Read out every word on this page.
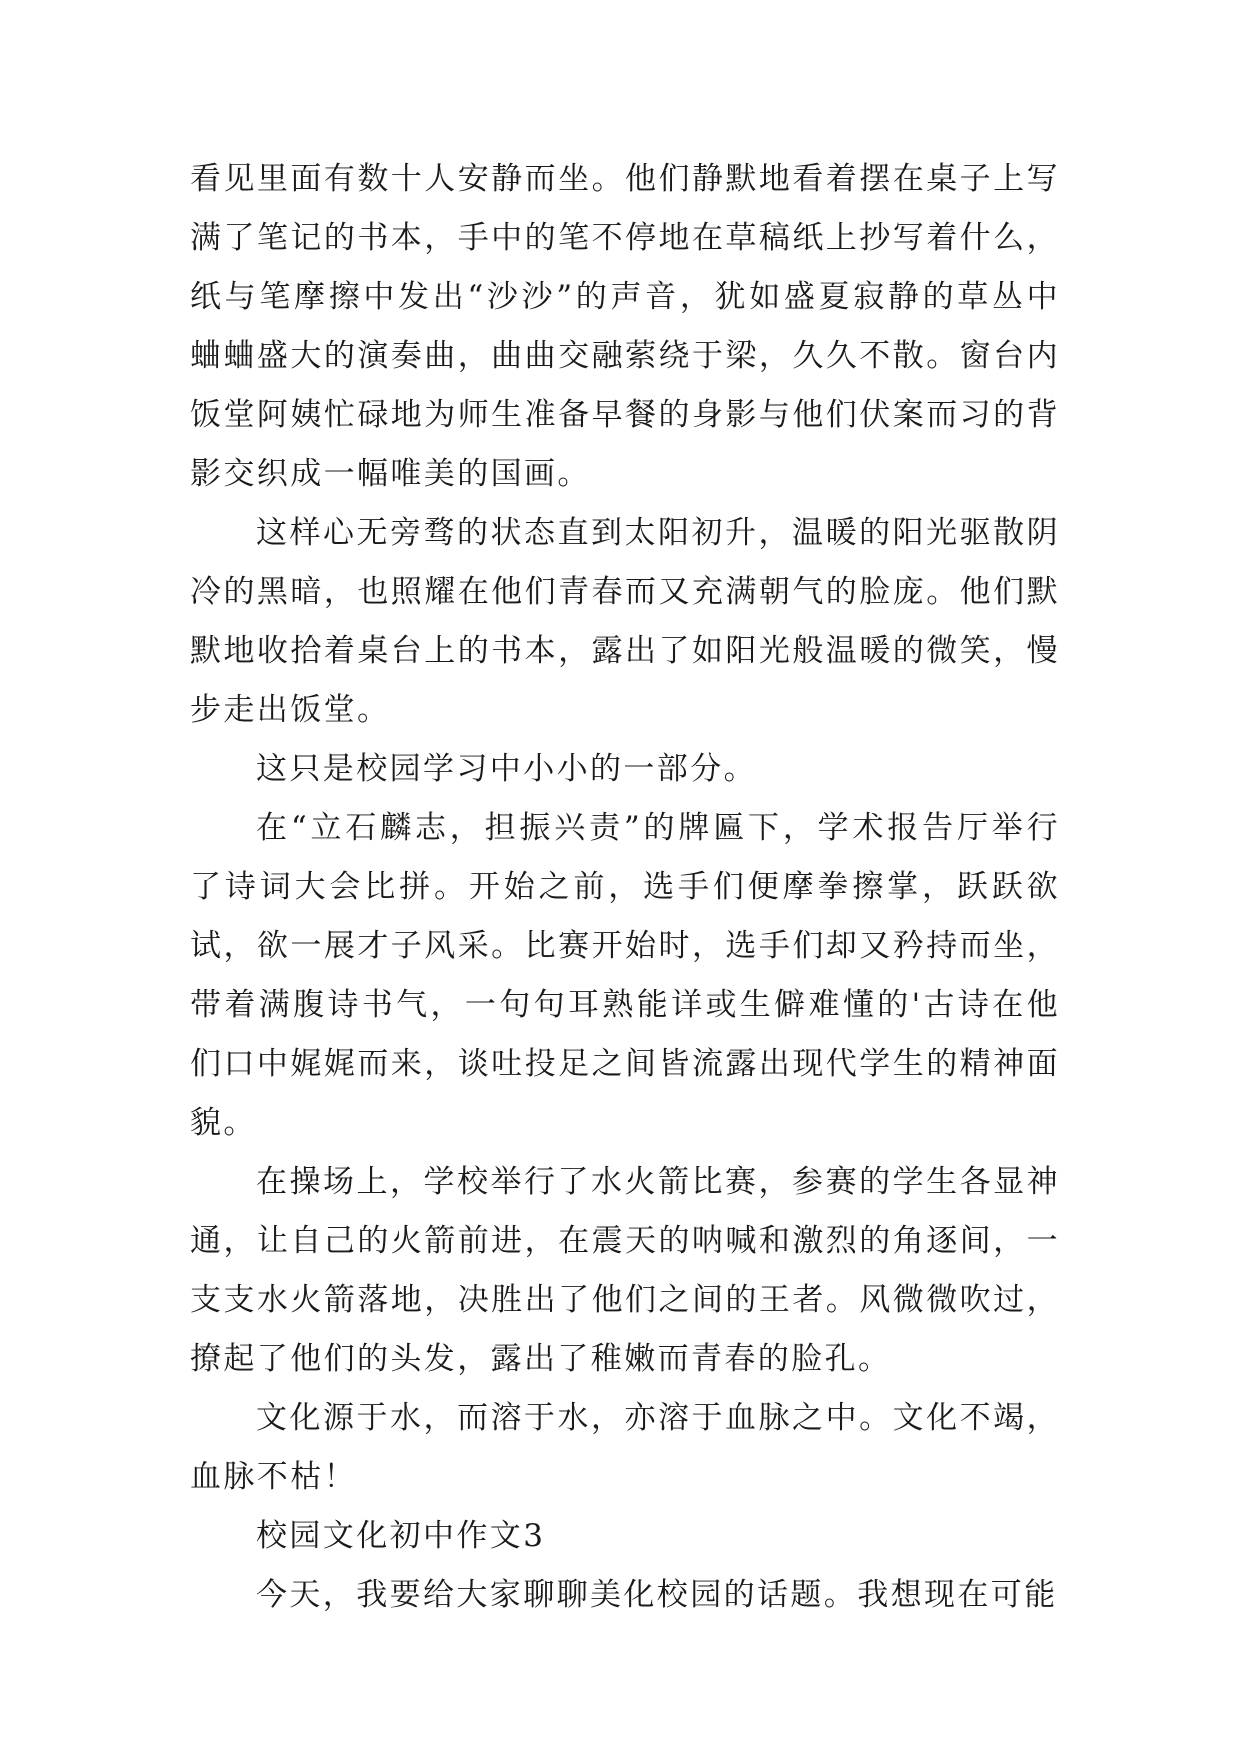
看见里面有数十人安静而坐。他们静默地看着摆在桌子上写满了笔记的书本，手中的笔不停地在草稿纸上抄写着什么，纸与笔摩擦中发出“沙沙”的声音，犹如盛夏寂静的草丛中蛐蛐盛大的演奏曲，曲曲交融萦绕于梁，久久不散。窗台内饭堂阿姨忙碌地为师生准备早餐的身影与他们伏案而习的背影交织成一幅唯美的国画。

这样心无旁骛的状态直到太阳初升，温暖的阳光驱散阴冷的黑暗，也照耀在他们青春而又充满朝气的脸庞。他们默默地收拾着桌台上的书本，露出了如阳光般温暖的微笑，慢步走出饭堂。

这只是校园学习中小小的一部分。

在“立石麟志，担振兴责”的牌匾下，学术报告厅举行了诗词大会比拼。开始之前，选手们便摩拳擦掌，跃跃欲试，欲一展才子风采。比赛开始时，选手们却又矜持而坐，带着满腹诗书气，一句句耳熟能详或生僻难懂的'古诗在他们口中娓娓而来，谈吐投足之间皆流露出现代学生的精神面貌。

在操场上，学校举行了水火箭比赛，参赛的学生各显神通，让自己的火箭前进，在震天的呐喊和激烈的角逐间，一支支水火箭落地，决胜出了他们之间的王者。风微微吹过，撩起了他们的头发，露出了稚嫩而青春的脸孔。

文化源于水，而溶于水，亦溶于血脉之中。文化不竭，血脉不枯！

校园文化初中作文3

今天，我要给大家聊聊美化校园的话题。我想现在可能
